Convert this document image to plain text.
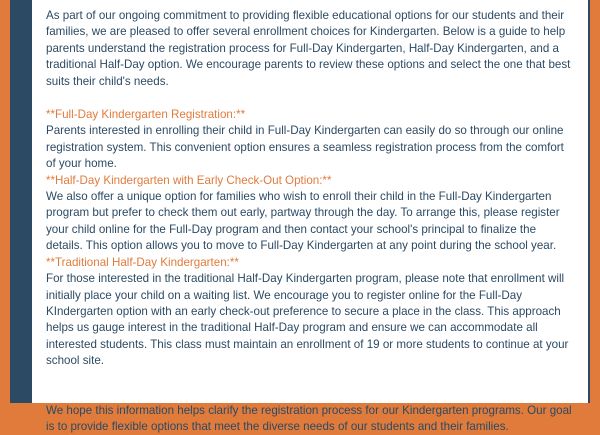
As part of our ongoing commitment to providing flexible educational options for our students and their families, we are pleased to offer several enrollment choices for Kindergarten. Below is a guide to help parents understand the registration process for Full-Day Kindergarten, Half-Day Kindergarten, and a traditional Half-Day option. We encourage parents to review these options and select the one that best suits their child's needs.

**Full-Day Kindergarten Registration:**

Parents interested in enrolling their child in Full-Day Kindergarten can easily do so through our online registration system. This convenient option ensures a seamless registration process from the comfort of your home.

**Half-Day Kindergarten with Early Check-Out Option:**

We also offer a unique option for families who wish to enroll their child in the Full-Day Kindergarten program but prefer to check them out early, partway through the day. To arrange this, please register your child online for the Full-Day program and then contact your school's principal to finalize the details. This option allows you to move to Full-Day Kindergarten at any point during the school year.

**Traditional Half-Day Kindergarten:**

For those interested in the traditional Half-Day Kindergarten program, please note that enrollment will initially place your child on a waiting list. We encourage you to register online for the Full-Day KIndergarten option with an early check-out preference to secure a place in the class. This approach helps us gauge interest in the traditional Half-Day program and ensure we can accommodate all interested students. This class must maintain an enrollment of 19 or more students to continue at your school site.

We hope this information helps clarify the registration process for our Kindergarten programs. Our goal is to provide flexible options that meet the diverse needs of our students and their families.
